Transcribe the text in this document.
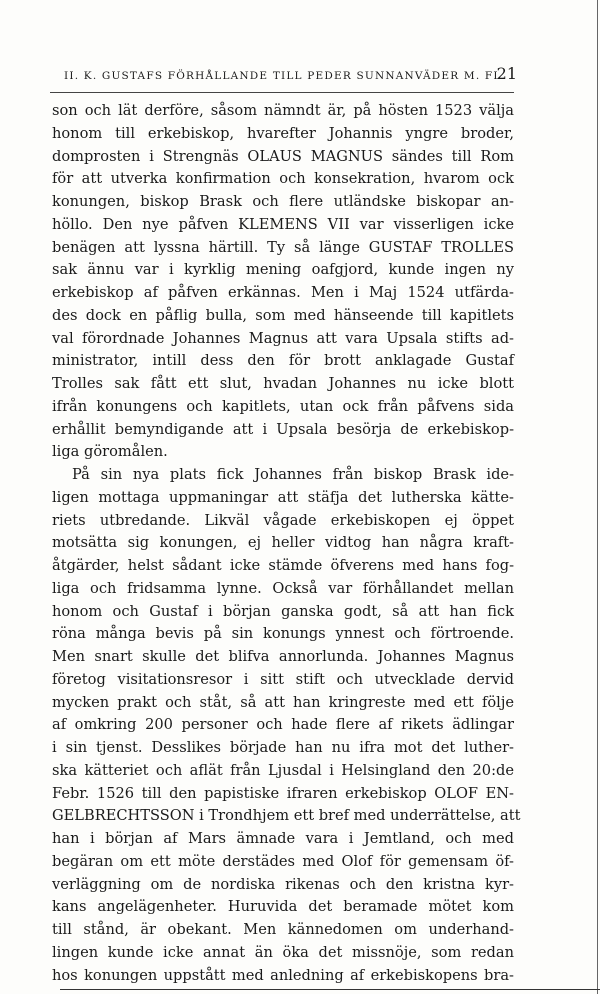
II. K. GUSTAFS FÖRHÅLLANDE TILL PEDER SUNNANVÄDER M. FL.
21
son och lät derföre, såsom nämndt är, på hösten 1523 välja
honom till erkebiskop, hvarefter Johannis yngre broder,
domprosten i Strengnäs OLAUS MAGNUS sändes till Rom
för att utverka konfirmation och konsekration, hvarom ock
konungen, biskop Brask och flere utländske biskopar an-
höllo. Den nye påfven KLEMENS VII var visserligen icke
benägen att lyssna härtill. Ty så länge GUSTAF TROLLES
sak ännu var i kyrklig mening oafgjord, kunde ingen ny
erkebiskop af påfven erkännas. Men i Maj 1524 utfärda-
des dock en påflig bulla, som med hänseende till kapitlets
val förordnade Johannes Magnus att vara Upsala stifts ad-
ministrator, intill dess den för brott anklagade Gustaf
Trolles sak fått ett slut, hvadan Johannes nu icke blott
ifrån konungens och kapitlets, utan ock från påfvens sida
erhållit bemyndigande att i Upsala besörja de erkebiskop-
liga göromålen.
På sin nya plats fick Johannes från biskop Brask ide-
ligen mottaga uppmaningar att stäfja det lutherska kätte-
riets utbredande. Likväl vågade erkebiskopen ej öppet
motsätta sig konungen, ej heller vidtog han några kraft-
åtgärder, helst sådant icke stämde öfverens med hans fog-
liga och fridsamma lynne. Också var förhållandet mellan
honom och Gustaf i början ganska godt, så att han fick
röna många bevis på sin konungs ynnest och förtroende.
Men snart skulle det blifva annorlunda. Johannes Magnus
företog visitationsresor i sitt stift och utvecklade dervid
mycken prakt och ståt, så att han kringreste med ett följe
af omkring 200 personer och hade flere af rikets ädlingar
i sin tjenst. Desslikes började han nu ifra mot det luther-
ska kätteriet och aflät från Ljusdal i Helsingland den 20:de
Febr. 1526 till den papistiske ifraren erkebiskop OLOF EN-
GELBRECHTSSON i Trondhjem ett bref med underrättelse, att
han i början af Mars ämnade vara i Jemtland, och med
begäran om ett möte derstädes med Olof för gemensam öf-
verläggning om de nordiska rikenas och den kristna kyr-
kans angelägenheter. Huruvida det beramade mötet kom
till stånd, är obekant. Men kännedomen om underhand-
lingen kunde icke annat än öka det missnöje, som redan
hos konungen uppstått med anledning af erkebiskopens bra-
